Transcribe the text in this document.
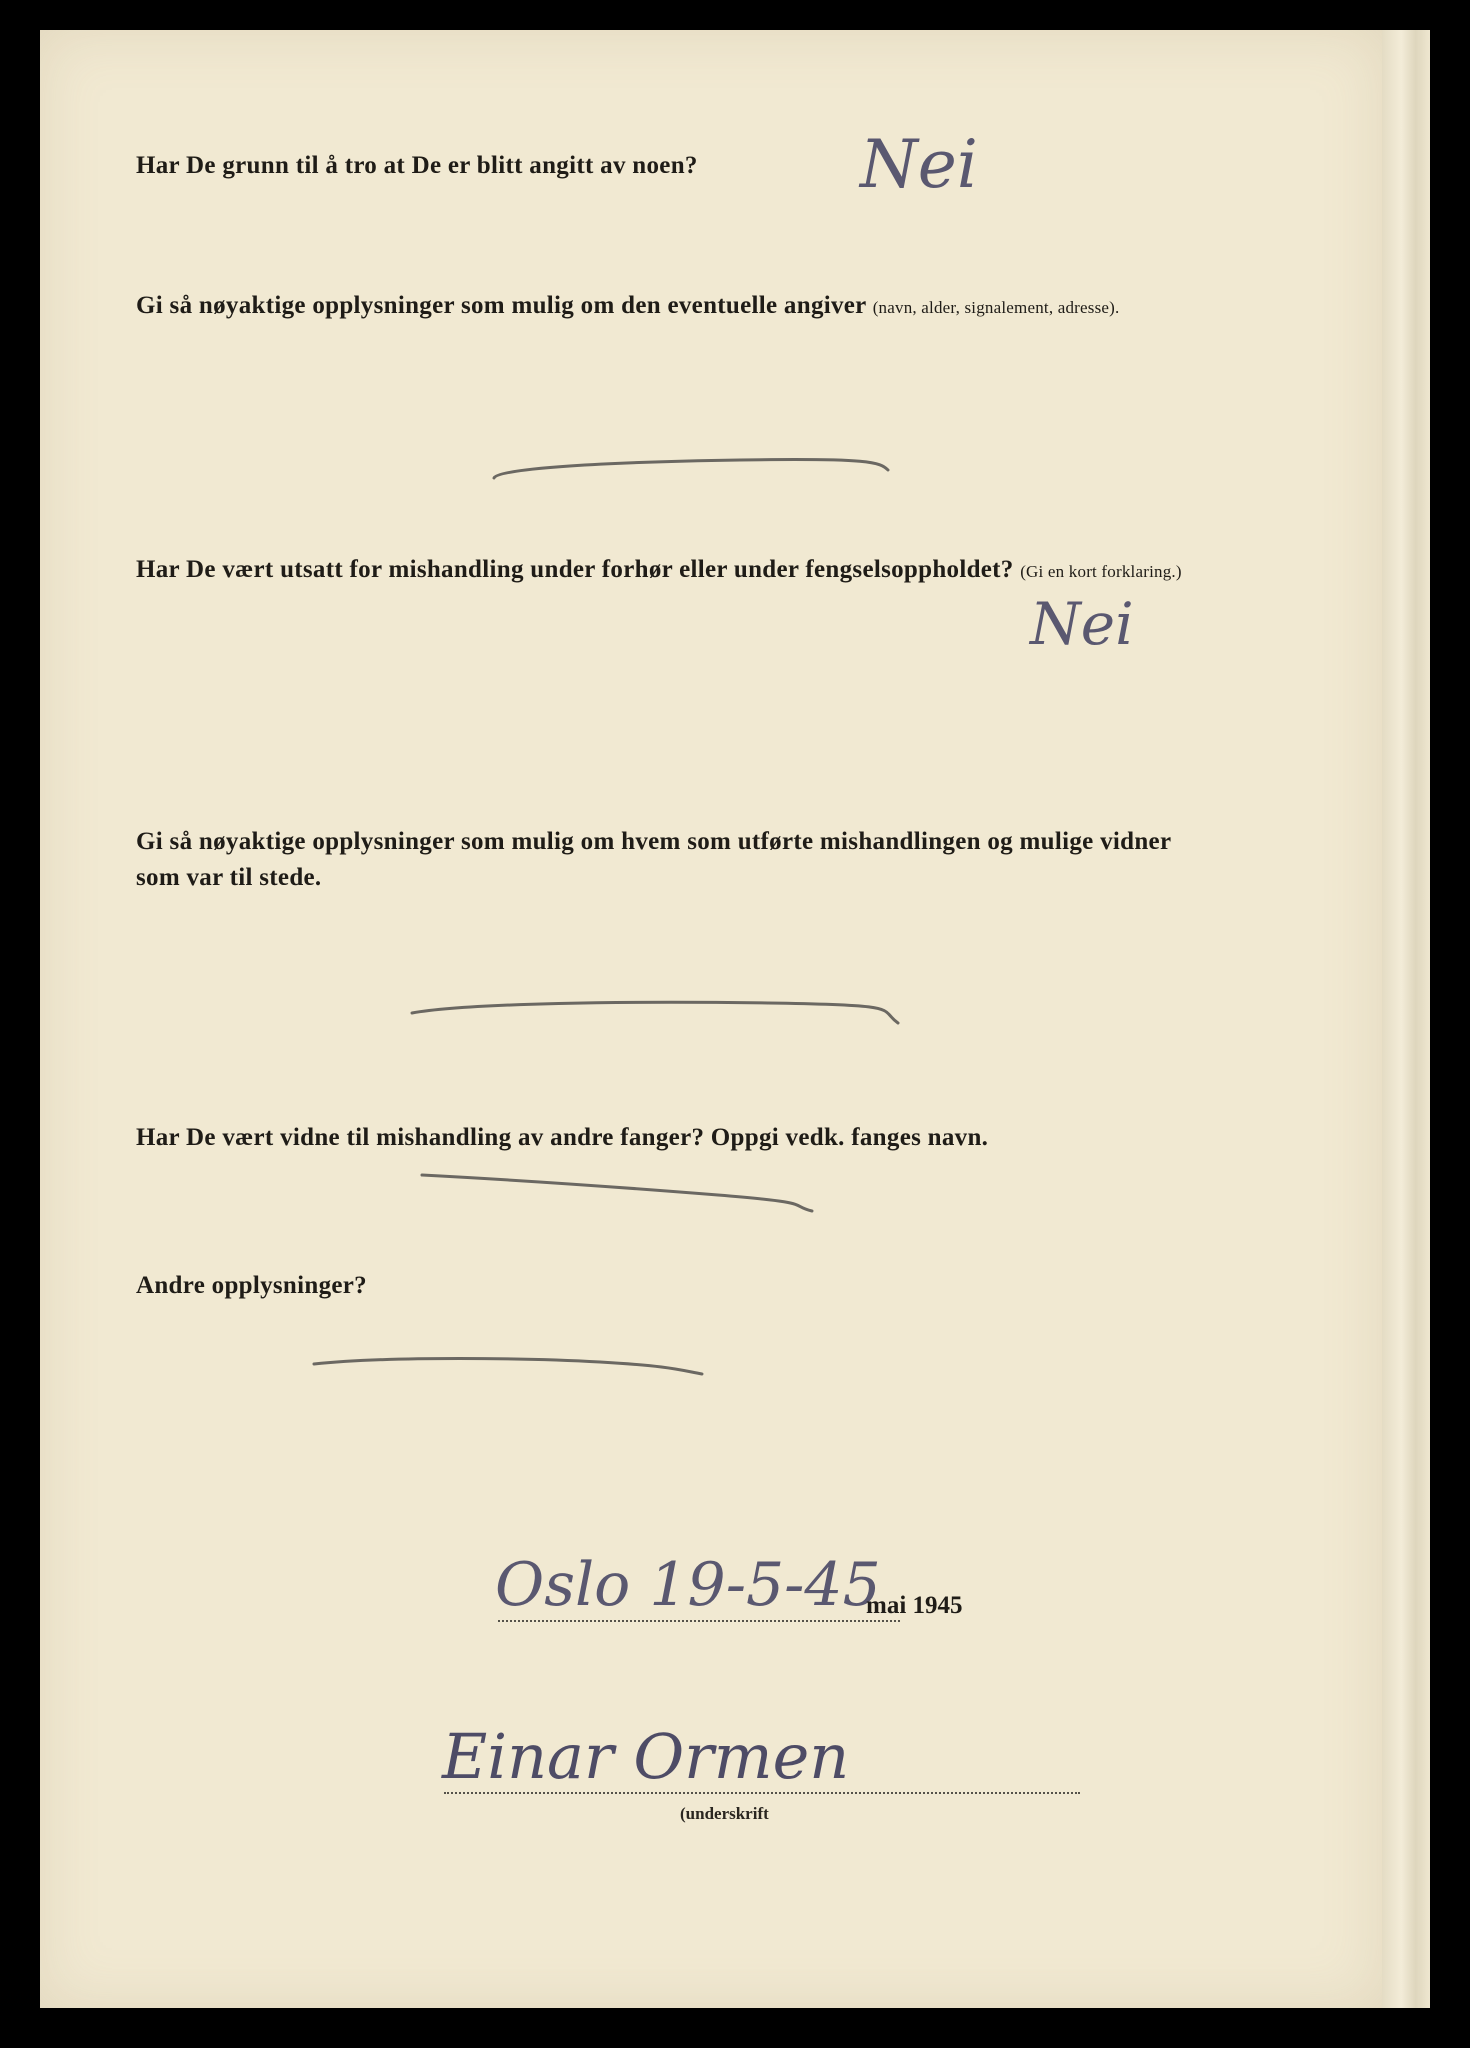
Har De grunn til å tro at De er blitt angitt av noen? Nei

Gi så nøyaktige opplysninger som mulig om den eventuelle angiver (navn, alder, signalement, adresse).

Har De vært utsatt for mishandling under forhør eller under fengselsoppholdet? (Gi en kort forklaring.)

Nei

Gi så nøyaktige opplysninger som mulig om hvem som utførte mishandlingen og mulige vidner

som var til stede.

Har De vært vidne til mishandling av andre fanger? Oppgi vedk. fanges navn.

Andre opplysninger?

Oslo 19-5-45
mai 1945
Einar Ormen
(underskrift
